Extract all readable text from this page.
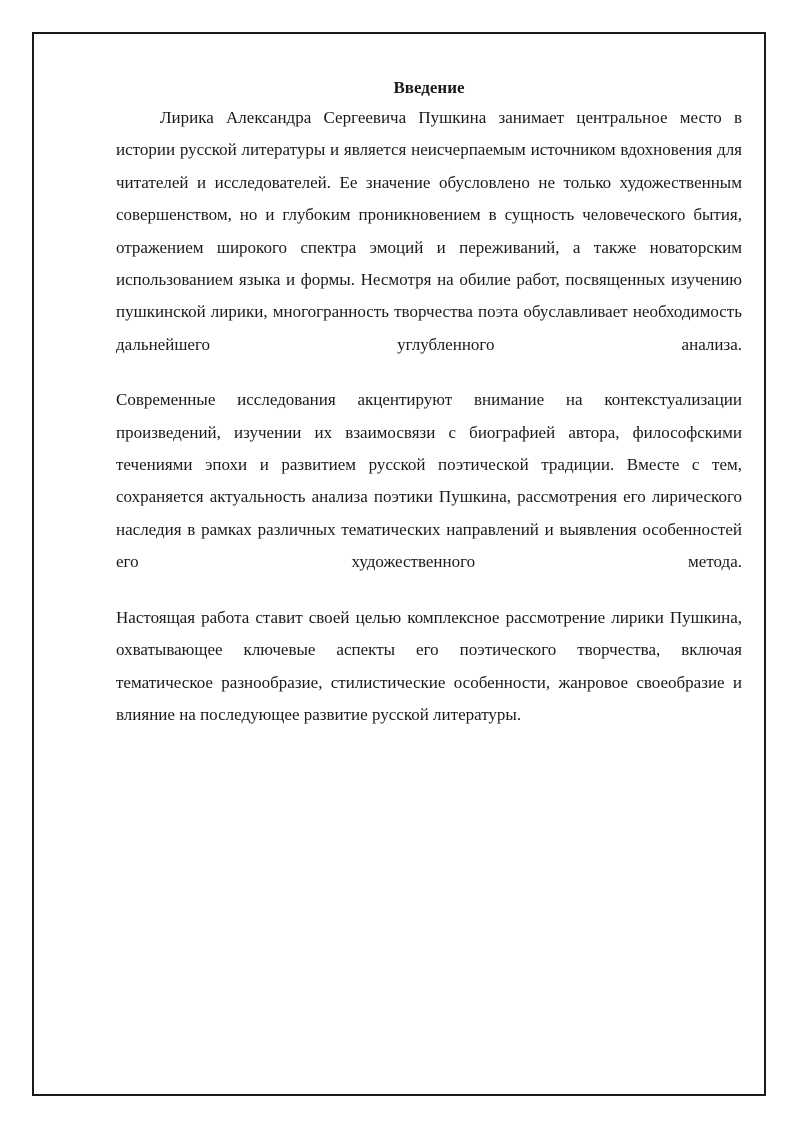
Введение

Лирика Александра Сергеевича Пушкина занимает центральное место в истории русской литературы и является неисчерпаемым источником вдохновения для читателей и исследователей. Ее значение обусловлено не только художественным совершенством, но и глубоким проникновением в сущность человеческого бытия, отражением широкого спектра эмоций и переживаний, а также новаторским использованием языка и формы. Несмотря на обилие работ, посвященных изучению пушкинской лирики, многогранность творчества поэта обуславливает необходимость дальнейшего углубленного анализа.

Современные исследования акцентируют внимание на контекстуализации произведений, изучении их взаимосвязи с биографией автора, философскими течениями эпохи и развитием русской поэтической традиции. Вместе с тем, сохраняется актуальность анализа поэтики Пушкина, рассмотрения его лирического наследия в рамках различных тематических направлений и выявления особенностей его художественного метода.

Настоящая работа ставит своей целью комплексное рассмотрение лирики Пушкина, охватывающее ключевые аспекты его поэтического творчества, включая тематическое разнообразие, стилистические особенности, жанровое своеобразие и влияние на последующее развитие русской литературы.
